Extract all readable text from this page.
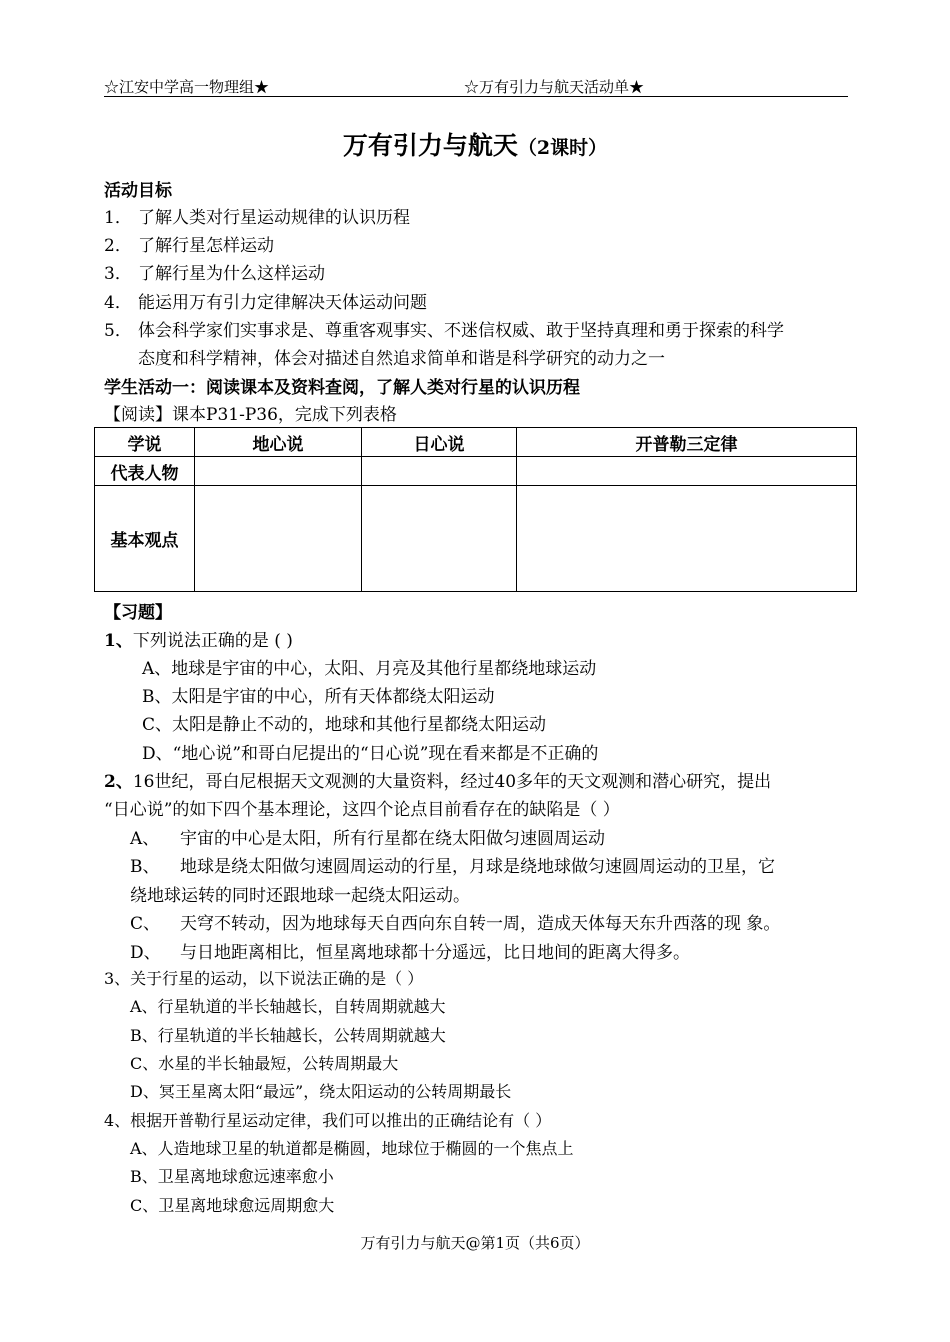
☆江安中学高一物理组★	☆万有引力与航天活动单★
万有引力与航天（2课时）
活动目标
1． 了解人类对行星运动规律的认识历程
2． 了解行星怎样运动
3． 了解行星为什么这样运动
4． 能运用万有引力定律解决天体运动问题
5． 体会科学家们实事求是、尊重客观事实、不迷信权威、敢于坚持真理和勇于探索的科学
态度和科学精神，体会对描述自然追求简单和谐是科学研究的动力之一
学生活动一：阅读课本及资料查阅，了解人类对行星的认识历程
【阅读】课本P31-P36，完成下列表格
学说	地心说	日心说	开普勒三定律
代表人物			
基本观点			
【习题】
1、下列说法正确的是 ( )
A、地球是宇宙的中心，太阳、月亮及其他行星都绕地球运动
B、太阳是宇宙的中心，所有天体都绕太阳运动
C、太阳是静止不动的，地球和其他行星都绕太阳运动
D、“地心说”和哥白尼提出的“日心说”现在看来都是不正确的
2、16世纪，哥白尼根据天文观测的大量资料，经过40多年的天文观测和潜心研究，提出
“日心说”的如下四个基本理论，这四个论点目前看存在的缺陷是（ ）
A、 宇宙的中心是太阳，所有行星都在绕太阳做匀速圆周运动
B、 地球是绕太阳做匀速圆周运动的行星，月球是绕地球做匀速圆周运动的卫星，它
绕地球运转的同时还跟地球一起绕太阳运动。
C、 天穹不转动，因为地球每天自西向东自转一周，造成天体每天东升西落的现 象。
D、 与日地距离相比，恒星离地球都十分遥远，比日地间的距离大得多。
3、关于行星的运动，以下说法正确的是（ ）
A、行星轨道的半长轴越长，自转周期就越大
B、行星轨道的半长轴越长，公转周期就越大
C、水星的半长轴最短，公转周期最大
D、冥王星离太阳“最远”，绕太阳运动的公转周期最长
4、根据开普勒行星运动定律，我们可以推出的正确结论有（ ）
A、人造地球卫星的轨道都是椭圆，地球位于椭圆的一个焦点上
B、卫星离地球愈远速率愈小
C、卫星离地球愈远周期愈大
万有引力与航天@第1页（共6页）
